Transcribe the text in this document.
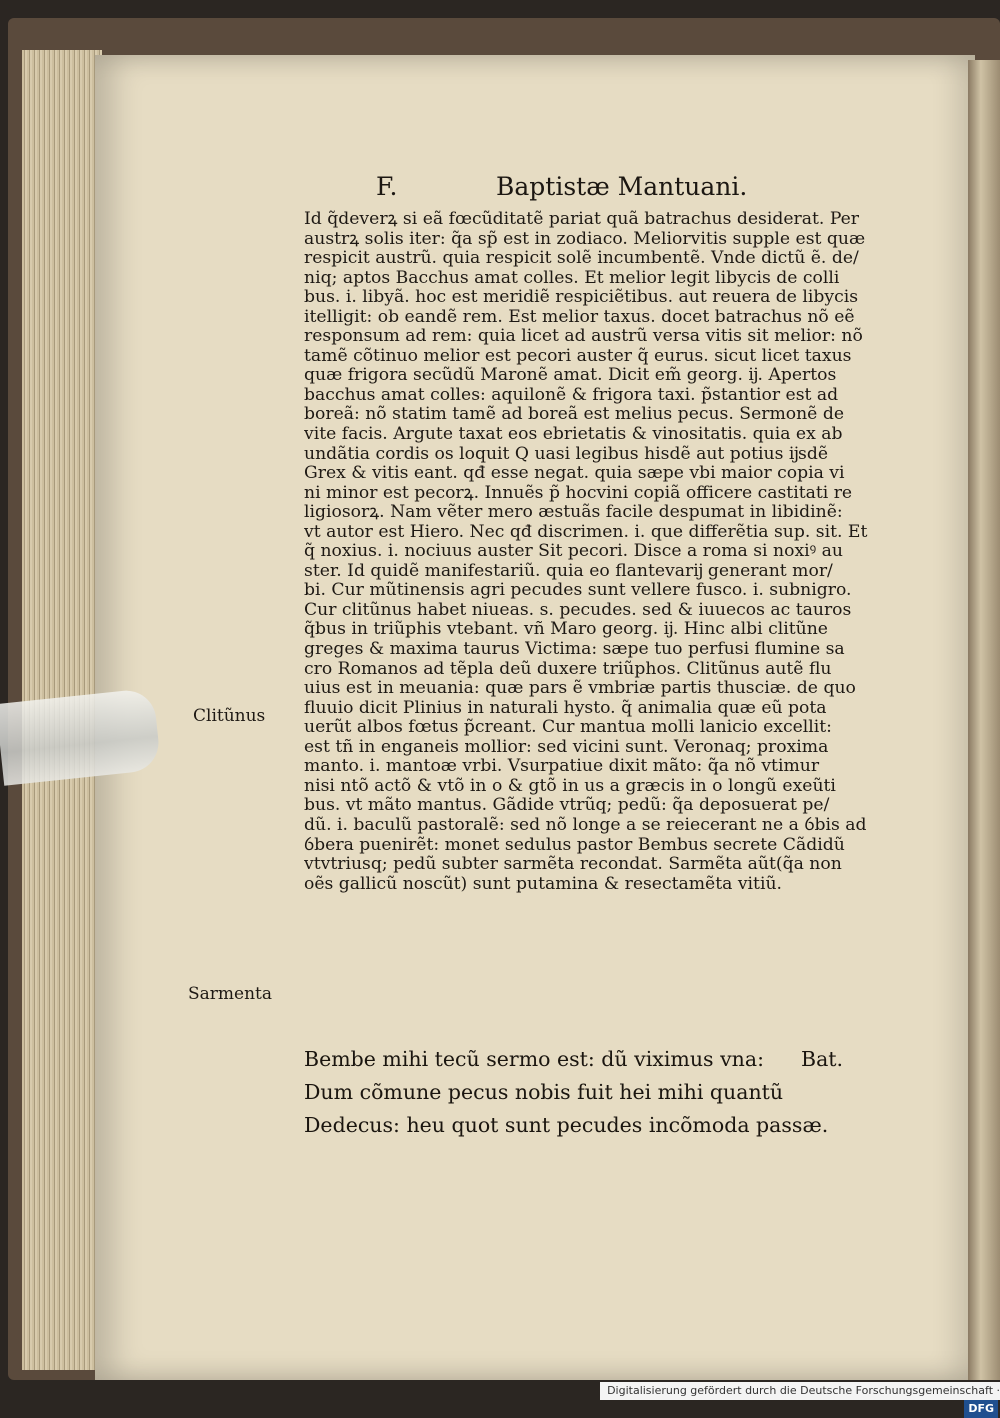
F.	Baptistæ Mantuani.
Id q̃deverꝝ si eã fœcũditatẽ pariat quã batrachus desiderat. Per
austrꝝ solis iter: q̃a sp̃ est in zodiaco. Meliorvitis supple est quæ
respicit austrũ. quia respicit solẽ incumbentẽ. Vnde dictũ ẽ. de/
niq; aptos Bacchus amat colles. Et melior legit libycis de colli
bus. i. libyã. hoc est meridiẽ respiciẽtibus. aut reuera de libycis
itelligit: ob eandẽ rem. Est melior taxus. docet batrachus nõ eẽ
responsum ad rem: quia licet ad austrũ versa vitis sit melior: nõ
tamẽ cõtinuo melior est pecori auster q̃ eurus. sicut licet taxus
quæ frigora secũdũ Maronẽ amat. Dicit em̃ georg. ĳ. Apertos
bacchus amat colles: aquilonẽ & frigora taxi. p̃stantior est ad
boreã: nõ statim tamẽ ad boreã est melius pecus. Sermonẽ de
vite facis. Argute taxat eos ebrietatis & vinositatis. quia ex ab
undãtia cordis os loquit Q uasi legibus hisdẽ aut potius ĳsdẽ
Grex & vitis eant. qđ esse negat. quia sæpe vbi maior copia vi
ni minor est pecorꝝ. Innuẽs p̃ hocvini copiã officere castitati re
ligiosorꝝ. Nam vẽter mero æstuãs facile despumat in libidinẽ:
vt autor est Hiero. Nec qđ discrimen. i. que differẽtia sup. sit. Et
q̃ noxius. i. nociuus auster Sit pecori. Disce a roma si noxiꝰ au
ster. Id quidẽ manifestariũ. quia eo flantevarĳ generant mor/
bi. Cur mũtinensis agri pecudes sunt vellere fusco. i. subnigro.
Cur clitũnus habet niueas. s. pecudes. sed & iuuecos ac tauros
q̃bus in triũphis vtebant. vñ Maro georg. ĳ. Hinc albi clitũne
greges & maxima taurus Victima: sæpe tuo perfusi flumine sa
cro Romanos ad tẽpla deũ duxere triũphos. Clitũnus autẽ flu
uius est in meuania: quæ pars ẽ vmbriæ partis thusciæ. de quo
fluuio dicit Plinius in naturali hysto. q̃ animalia quæ eũ pota
uerũt albos fœtus p̃creant. Cur mantua molli lanicio excellit:
est tñ in enganeis mollior: sed vicini sunt. Veronaq; proxima
manto. i. mantoæ vrbi. Vsurpatiue dixit mãto: q̃a nõ vtimur
nisi ntõ actõ & vtõ in o & gtõ in us a græcis in o longũ exeũti
bus. vt mãto mantus. Gãdide vtrũq; pedũ: q̃a deposuerat pe/
dũ. i. baculũ pastoralẽ: sed nõ longe a se reiecerant ne a ỽbis ad
ỽbera puenirẽt: monet sedulus pastor Bembus secrete Cãdidũ
vtvtriusq; pedũ subter sarmẽta recondat. Sarmẽta aũt(q̃a non
oẽs gallicũ noscũt) sunt putamina & resectamẽta vitiũ.
Bembe mihi tecũ sermo est: dũ viximus vna: Bat.
Dum cõmune pecus nobis fuit hei mihi quantũ
Dedecus: heu quot sunt pecudes incõmoda passæ.
Clitũnus
Sarmenta
Digitalisierung gefördert durch die Deutsche Forschungsgemeinschaft ·DFG
